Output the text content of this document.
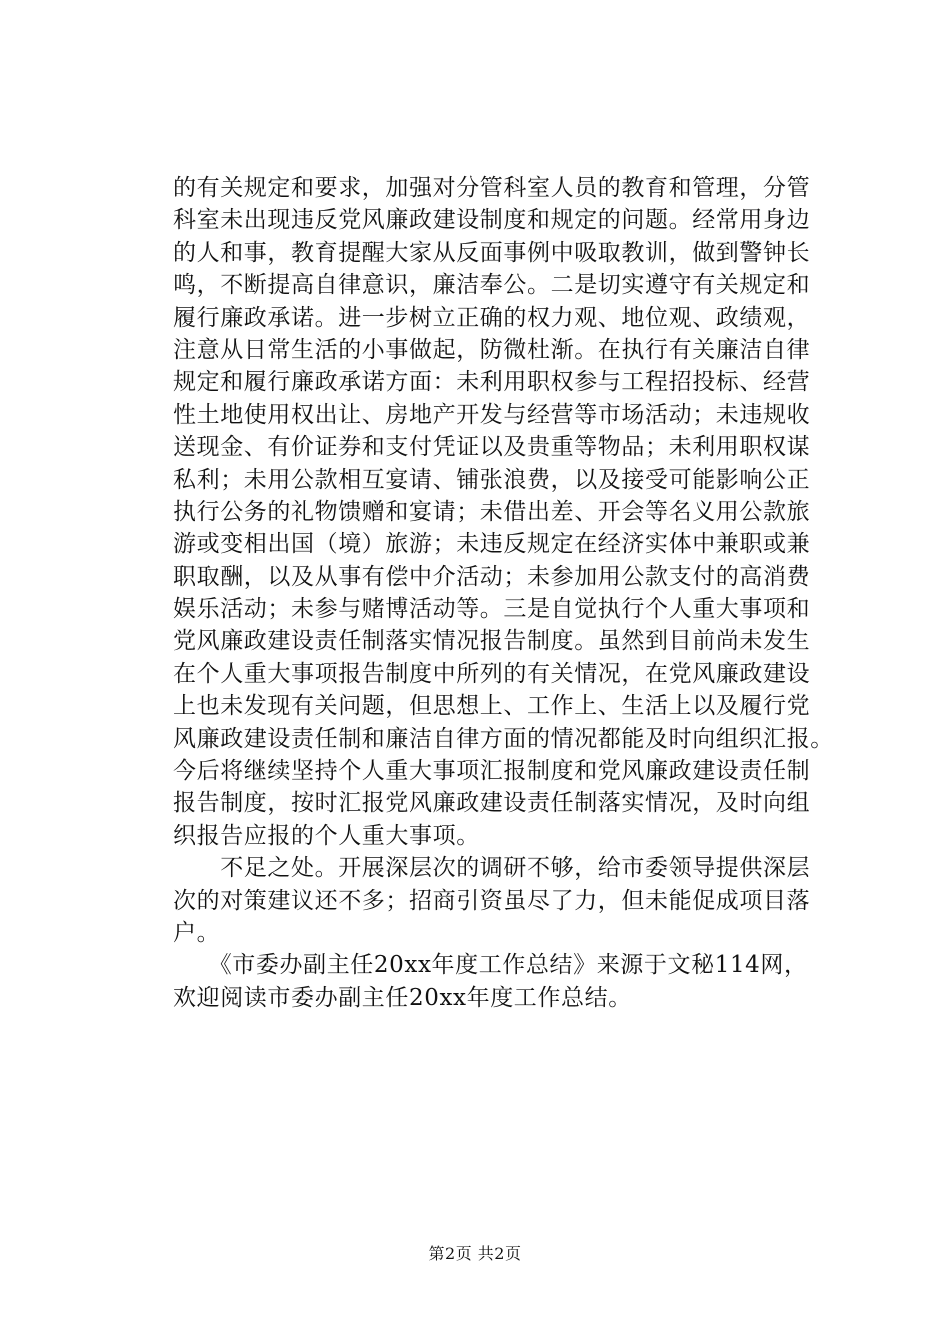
的有关规定和要求，加强对分管科室人员的教育和管理，分管
科室未出现违反党风廉政建设制度和规定的问题。经常用身边
的人和事，教育提醒大家从反面事例中吸取教训，做到警钟长
鸣，不断提高自律意识，廉洁奉公。二是切实遵守有关规定和
履行廉政承诺。进一步树立正确的权力观、地位观、政绩观，
注意从日常生活的小事做起，防微杜渐。在执行有关廉洁自律
规定和履行廉政承诺方面：未利用职权参与工程招投标、经营
性土地使用权出让、房地产开发与经营等市场活动；未违规收
送现金、有价证券和支付凭证以及贵重等物品；未利用职权谋
私利；未用公款相互宴请、铺张浪费，以及接受可能影响公正
执行公务的礼物馈赠和宴请；未借出差、开会等名义用公款旅
游或变相出国（境）旅游；未违反规定在经济实体中兼职或兼
职取酬，以及从事有偿中介活动；未参加用公款支付的高消费
娱乐活动；未参与赌博活动等。三是自觉执行个人重大事项和
党风廉政建设责任制落实情况报告制度。虽然到目前尚未发生
在个人重大事项报告制度中所列的有关情况，在党风廉政建设
上也未发现有关问题，但思想上、工作上、生活上以及履行党
风廉政建设责任制和廉洁自律方面的情况都能及时向组织汇报。
今后将继续坚持个人重大事项汇报制度和党风廉政建设责任制
报告制度，按时汇报党风廉政建设责任制落实情况，及时向组
织报告应报的个人重大事项。
　　不足之处。开展深层次的调研不够，给市委领导提供深层
次的对策建议还不多；招商引资虽尽了力，但未能促成项目落
户。
　　《市委办副主任20xx年度工作总结》来源于文秘114网，
欢迎阅读市委办副主任20xx年度工作总结。
第2页 共2页
